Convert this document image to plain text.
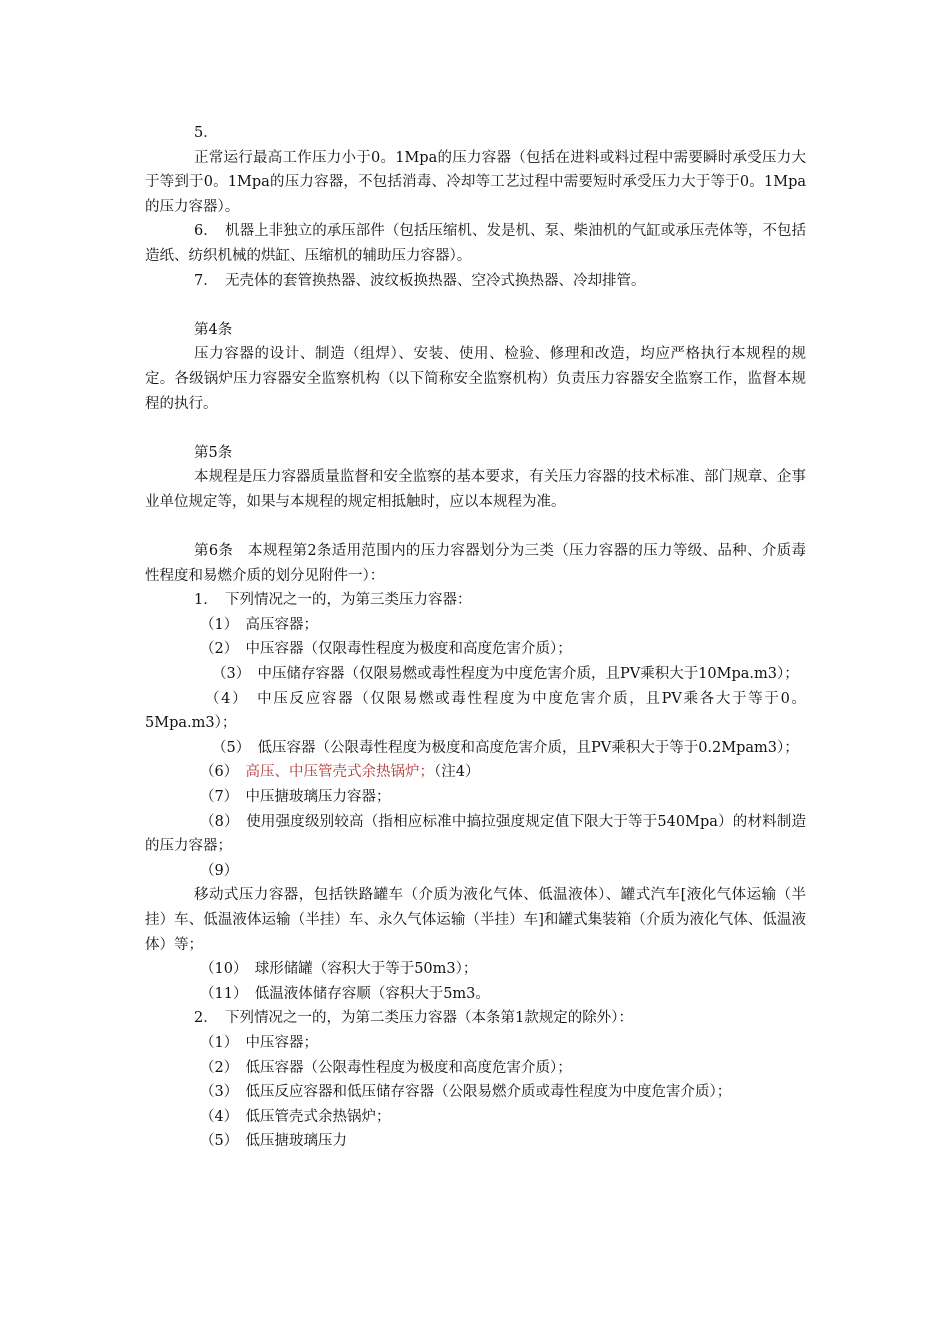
5．

正常运行最高工作压力小于0。1Mpa的压力容器（包括在进料或料过程中需要瞬时承受压力大于等到于0。1Mpa的压力容器，不包括消毒、冷却等工艺过程中需要短时承受压力大于等于0。1Mpa的压力容器）。

6．　机器上非独立的承压部件（包括压缩机、发是机、泵、柴油机的气缸或承压壳体等，不包括造纸、纺织机械的烘缸、压缩机的辅助压力容器）。

7．　无壳体的套管换热器、波纹板换热器、空冷式换热器、冷却排管。

第4条

压力容器的设计、制造（组焊）、安装、使用、检验、修理和改造，均应严格执行本规程的规定。各级锅炉压力容器安全监察机构（以下简称安全监察机构）负责压力容器安全监察工作，监督本规程的执行。

第5条

本规程是压力容器质量监督和安全监察的基本要求，有关压力容器的技术标准、部门规章、企事业单位规定等，如果与本规程的规定相抵触时，应以本规程为准。

第6条　本规程第2条适用范围内的压力容器划分为三类（压力容器的压力等级、品种、介质毒性程度和易燃介质的划分见附件一）：

1．　下列情况之一的，为第三类压力容器：

（1）　高压容器；

（2）　中压容器（仅限毒性程度为极度和高度危害介质）；

（3）　中压储存容器（仅限易燃或毒性程度为中度危害介质，且PV乘积大于10Mpa.m3）；

（4）　中压反应容器（仅限易燃或毒性程度为中度危害介质，且PV乘各大于等于0。5Mpa.m3）；

（5）　低压容器（公限毒性程度为极度和高度危害介质，且PV乘积大于等于0.2Mpam3）；

（6）　高压、中压管壳式余热锅炉；（注4）

（7）　中压搪玻璃压力容器；

（8）　使用强度级别较高（指相应标准中搞拉强度规定值下限大于等于540Mpa）的材料制造的压力容器；

（9）

移动式压力容器，包括铁路罐车（介质为液化气体、低温液体）、罐式汽车[液化气体运输（半挂）车、低温液体运输（半挂）车、永久气体运输（半挂）车]和罐式集装箱（介质为液化气体、低温液体）等；

（10）　球形储罐（容积大于等于50m3）；

（11）　低温液体储存容顺（容积大于5m3。

2．　下列情况之一的，为第二类压力容器（本条第1款规定的除外）：

（1）　中压容器；

（2）　低压容器（公限毒性程度为极度和高度危害介质）；

（3）　低压反应容器和低压储存容器（公限易燃介质或毒性程度为中度危害介质）；

（4）　低压管壳式余热锅炉；

（5）　低压搪玻璃压力
